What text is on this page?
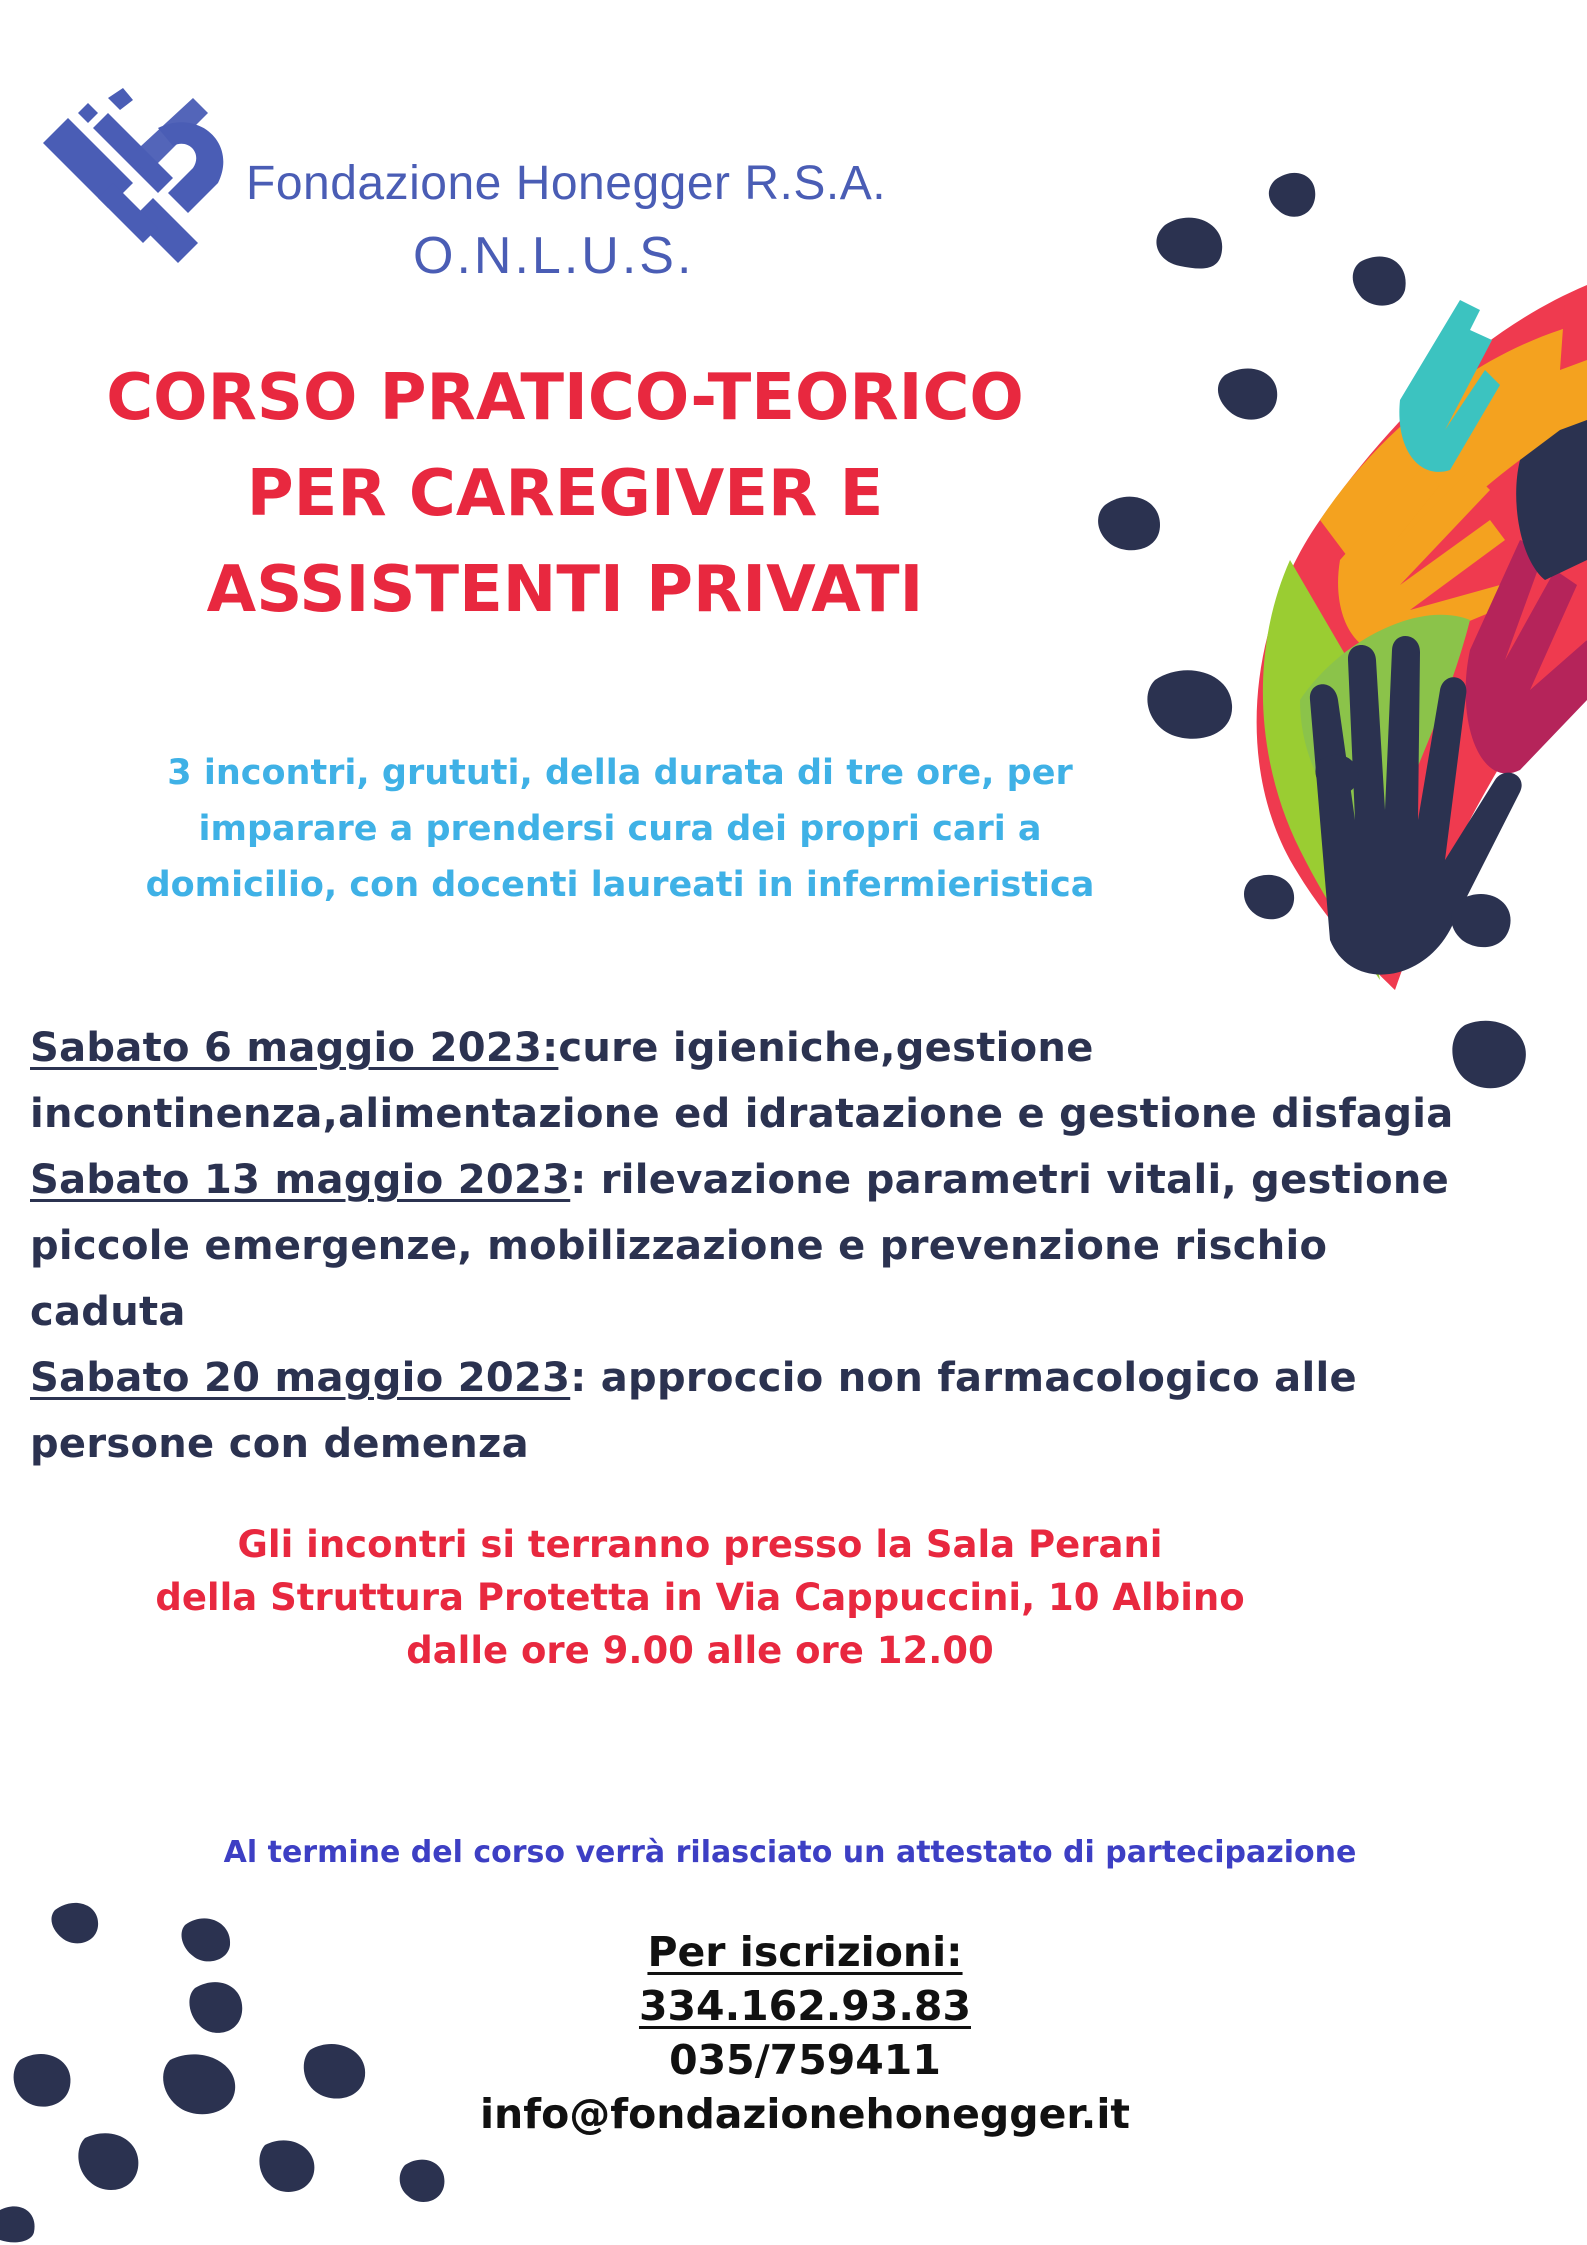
Fondazione Honegger R.S.A.
O.N.L.U.S.
CORSO PRATICO-TEORICO
PER CAREGIVER E
ASSISTENTI PRIVATI
3 incontri, grututi, della durata di tre ore, per
imparare a prendersi cura dei propri cari a
domicilio, con docenti laureati in infermieristica
Sabato 6 maggio 2023:cure igieniche,gestione
incontinenza,alimentazione ed idratazione e gestione disfagia
Sabato 13 maggio 2023: rilevazione parametri vitali, gestione
piccole emergenze, mobilizzazione e prevenzione rischio
caduta
Sabato 20 maggio 2023: approccio non farmacologico alle
persone con demenza
Gli incontri si terranno presso la Sala Perani
della Struttura Protetta in Via Cappuccini, 10 Albino
dalle ore 9.00 alle ore 12.00
Al termine del corso verrà rilasciato un attestato di partecipazione
Per iscrizioni:
334.162.93.83
035/759411
info@fondazionehonegger.it
